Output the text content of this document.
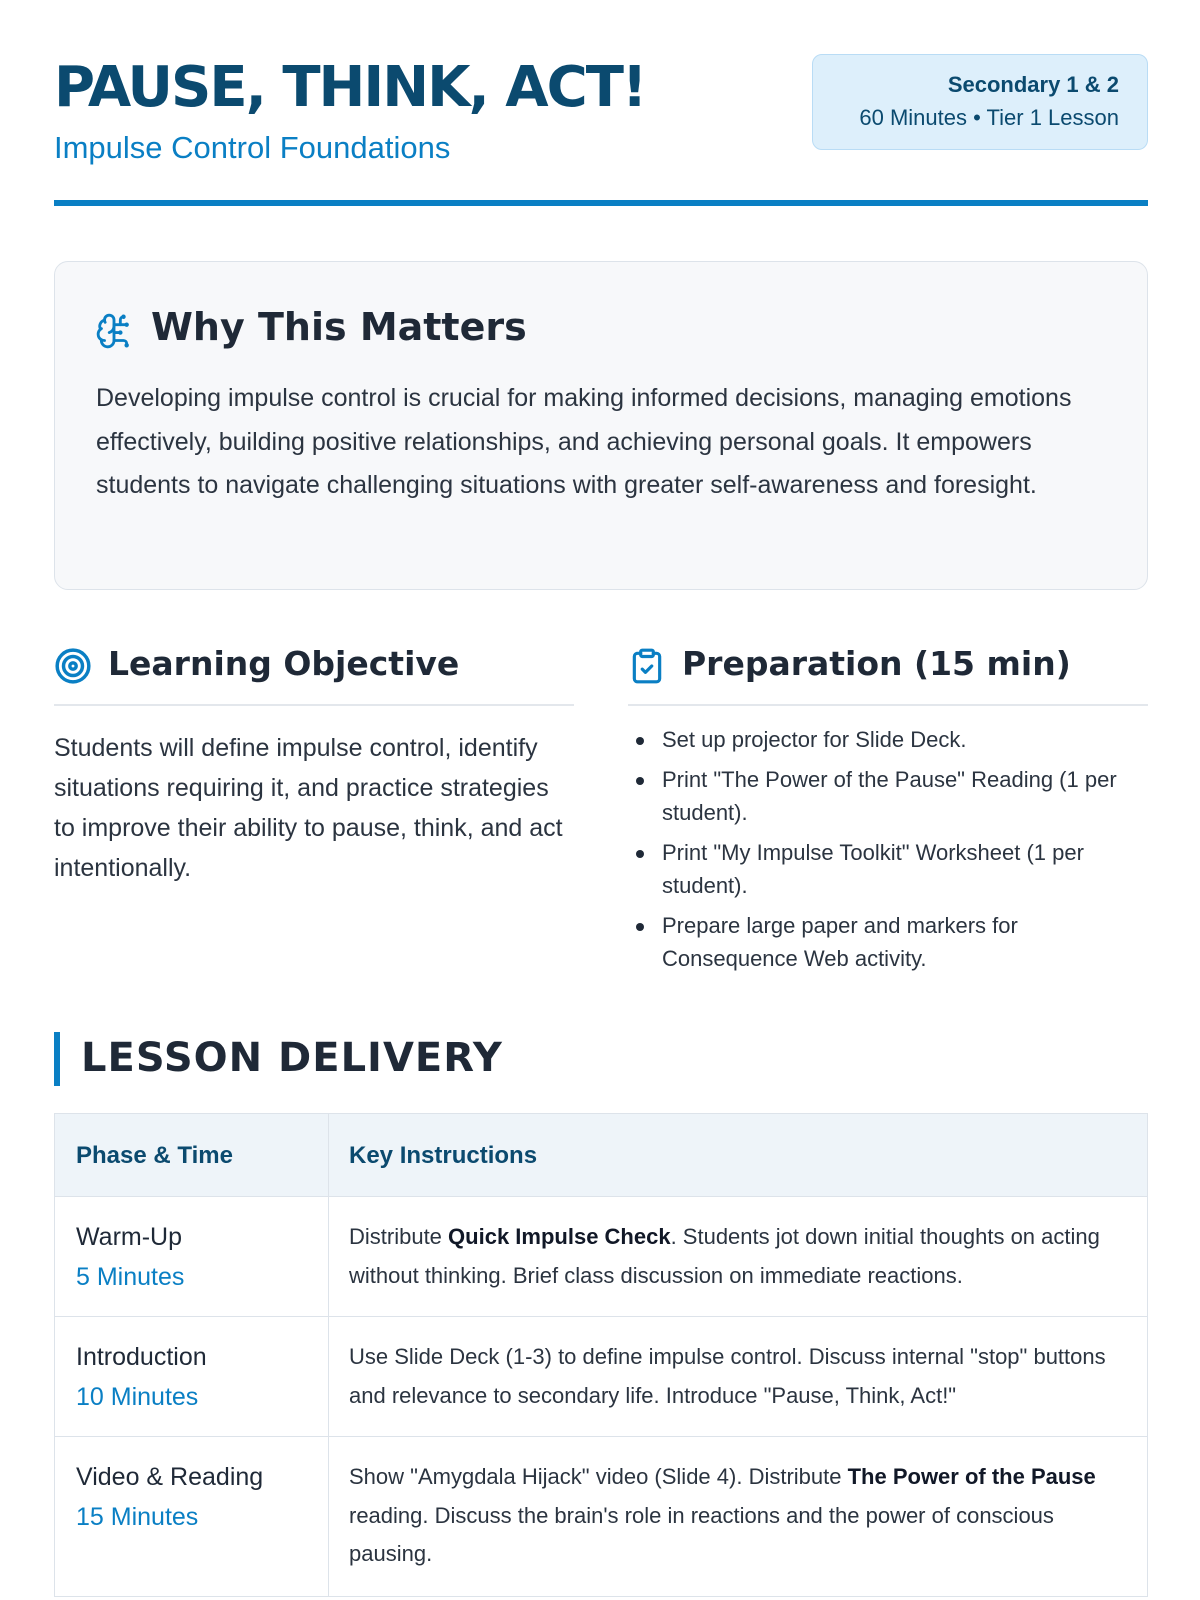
PAUSE, THINK, ACT!
Impulse Control Foundations
Secondary 1 & 2
60 Minutes • Tier 1 Lesson
Why This Matters
Developing impulse control is crucial for making informed decisions, managing emotions effectively, building positive relationships, and achieving personal goals. It empowers students to navigate challenging situations with greater self-awareness and foresight.
Learning Objective
Students will define impulse control, identify situations requiring it, and practice strategies to improve their ability to pause, think, and act intentionally.
Preparation (15 min)
Set up projector for Slide Deck.
Print "The Power of the Pause" Reading (1 per student).
Print "My Impulse Toolkit" Worksheet (1 per student).
Prepare large paper and markers for Consequence Web activity.
LESSON DELIVERY
Phase & Time	Key Instructions
Warm-Up
5 Minutes
Distribute Quick Impulse Check. Students jot down initial thoughts on acting without thinking. Brief class discussion on immediate reactions.
Introduction
10 Minutes
Use Slide Deck (1-3) to define impulse control. Discuss internal "stop" buttons and relevance to secondary life. Introduce "Pause, Think, Act!"
Video & Reading
15 Minutes
Show "Amygdala Hijack" video (Slide 4). Distribute The Power of the Pause reading. Discuss the brain's role in reactions and the power of conscious pausing.
